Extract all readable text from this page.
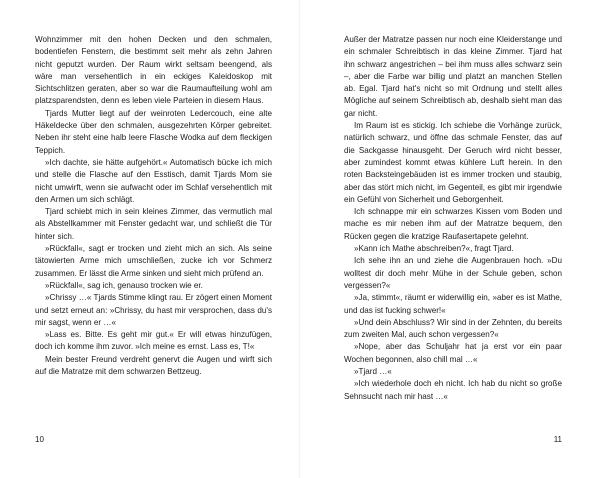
Wohnzimmer mit den hohen Decken und den schmalen, bodentiefen Fenstern, die bestimmt seit mehr als zehn Jahren nicht geputzt wurden. Der Raum wirkt seltsam beengend, als wäre man versehentlich in ein eckiges Kaleidoskop mit Sichtschlitzen geraten, aber so war die Raumaufteilung wohl am platzsparendsten, denn es leben viele Parteien in diesem Haus.

Tjards Mutter liegt auf der weinroten Ledercouch, eine alte Häkeldecke über den schmalen, ausgezehrten Körper gebreitet. Neben ihr steht eine halb leere Flasche Wodka auf dem fleckigen Teppich.

»Ich dachte, sie hätte aufgehört.« Automatisch bücke ich mich und stelle die Flasche auf den Esstisch, damit Tjards Mom sie nicht umwirft, wenn sie aufwacht oder im Schlaf versehentlich mit den Armen um sich schlägt.

Tjard schiebt mich in sein kleines Zimmer, das vermutlich mal als Abstellkammer mit Fenster gedacht war, und schließt die Tür hinter sich.

»Rückfall«, sagt er trocken und zieht mich an sich. Als seine tätowierten Arme mich umschließen, zucke ich vor Schmerz zusammen. Er lässt die Arme sinken und sieht mich prüfend an.

»Rückfall«, sag ich, genauso trocken wie er.

»Chrissy …« Tjards Stimme klingt rau. Er zögert einen Moment und setzt erneut an: »Chrissy, du hast mir versprochen, dass du's mir sagst, wenn er …«

»Lass es. Bitte. Es geht mir gut.« Er will etwas hinzufügen, doch ich komme ihm zuvor. »Ich meine es ernst. Lass es, T!«

Mein bester Freund verdreht genervt die Augen und wirft sich auf die Matratze mit dem schwarzen Bettzeug.

10

Außer der Matratze passen nur noch eine Kleiderstange und ein schmaler Schreibtisch in das kleine Zimmer. Tjard hat ihn schwarz angestrichen – bei ihm muss alles schwarz sein –, aber die Farbe war billig und platzt an manchen Stellen ab. Egal. Tjard hat's nicht so mit Ordnung und stellt alles Mögliche auf seinem Schreibtisch ab, deshalb sieht man das gar nicht.

Im Raum ist es stickig. Ich schiebe die Vorhänge zurück, natürlich schwarz, und öffne das schmale Fenster, das auf die Sackgasse hinausgeht. Der Geruch wird nicht besser, aber zumindest kommt etwas kühlere Luft herein. In den roten Backsteingebäuden ist es immer trocken und staubig, aber das stört mich nicht, im Gegenteil, es gibt mir irgendwie ein Gefühl von Sicherheit und Geborgenheit.

Ich schnappe mir ein schwarzes Kissen vom Boden und mache es mir neben ihm auf der Matratze bequem, den Rücken gegen die kratzige Raufasertapete gelehnt.

»Kann ich Mathe abschreiben?«, fragt Tjard.

Ich sehe ihn an und ziehe die Augenbrauen hoch. »Du wolltest dir doch mehr Mühe in der Schule geben, schon vergessen?«

»Ja, stimmt«, räumt er widerwillig ein, »aber es ist Mathe, und das ist fucking schwer!«

»Und dein Abschluss? Wir sind in der Zehnten, du bereits zum zweiten Mal, auch schon vergessen?«

»Nope, aber das Schuljahr hat ja erst vor ein paar Wochen begonnen, also chill mal …«

»Tjard …«

»Ich wiederhole doch eh nicht. Ich hab du nicht so große Sehnsucht nach mir hast …«

11
